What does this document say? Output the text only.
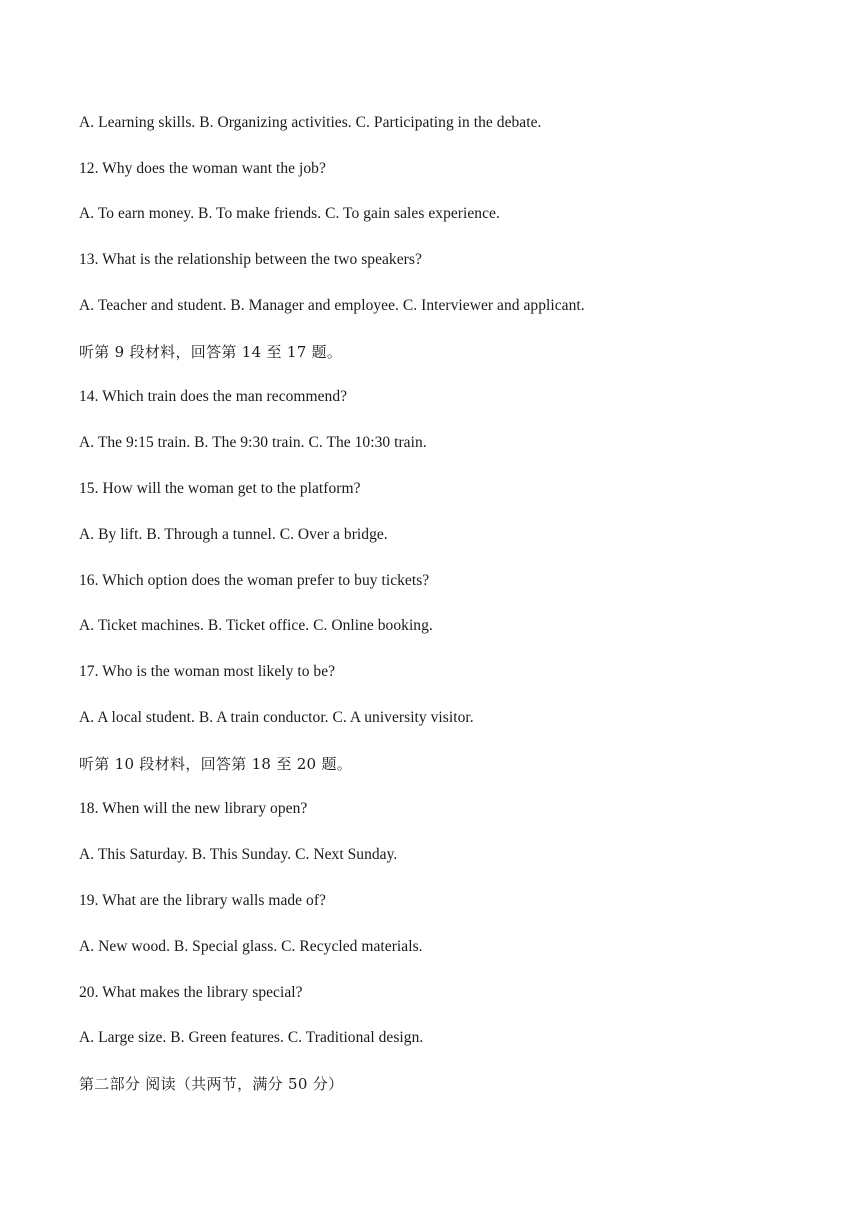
A. Learning skills. B. Organizing activities. C. Participating in the debate.
12. Why does the woman want the job?
A. To earn money. B. To make friends. C. To gain sales experience.
13. What is the relationship between the two speakers?
A. Teacher and student. B. Manager and employee. C. Interviewer and applicant.
听第 9 段材料，回答第 14 至 17 题。
14. Which train does the man recommend?
A. The 9:15 train. B. The 9:30 train. C. The 10:30 train.
15. How will the woman get to the platform?
A. By lift. B. Through a tunnel. C. Over a bridge.
16. Which option does the woman prefer to buy tickets?
A. Ticket machines. B. Ticket office. C. Online booking.
17. Who is the woman most likely to be?
A. A local student. B. A train conductor. C. A university visitor.
听第 10 段材料，回答第 18 至 20 题。
18. When will the new library open?
A. This Saturday. B. This Sunday. C. Next Sunday.
19. What are the library walls made of?
A. New wood. B. Special glass. C. Recycled materials.
20. What makes the library special?
A. Large size. B. Green features. C. Traditional design.
第二部分 阅读（共两节，满分 50 分）
